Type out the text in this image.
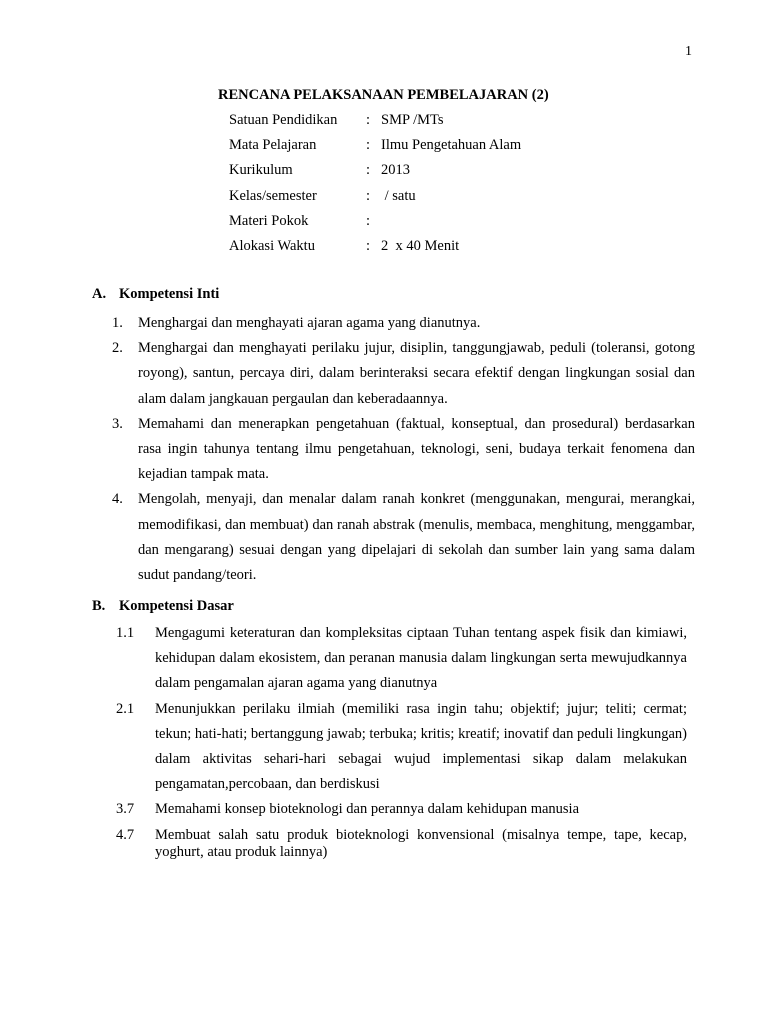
1
RENCANA PELAKSANAAN PEMBELAJARAN (2)
Satuan Pendidikan	: SMP /MTs
Mata Pelajaran	: Ilmu Pengetahuan Alam
Kurikulum	: 2013
Kelas/semester	: / satu
Materi Pokok	:
Alokasi Waktu	: 2  x 40 Menit
A. Kompetensi Inti
1.	Menghargai dan menghayati ajaran agama yang dianutnya.
2.	Menghargai dan menghayati perilaku jujur, disiplin, tanggungjawab, peduli (toleransi, gotong royong), santun, percaya diri, dalam berinteraksi secara efektif dengan lingkungan sosial dan alam dalam jangkauan pergaulan dan keberadaannya.
3.	Memahami dan menerapkan pengetahuan (faktual, konseptual, dan prosedural) berdasarkan rasa ingin tahunya tentang ilmu pengetahuan, teknologi, seni, budaya terkait fenomena dan kejadian tampak mata.
4.	Mengolah, menyaji, dan menalar dalam ranah konkret (menggunakan, mengurai, merangkai, memodifikasi, dan membuat) dan ranah abstrak (menulis, membaca, menghitung, menggambar, dan mengarang) sesuai dengan yang dipelajari di sekolah dan sumber lain yang sama dalam sudut pandang/teori.
B. Kompetensi Dasar
1.1	Mengagumi keteraturan dan kompleksitas ciptaan Tuhan tentang aspek fisik dan kimiawi, kehidupan dalam ekosistem, dan peranan manusia dalam lingkungan serta mewujudkannya dalam pengamalan ajaran agama yang dianutnya
2.1	Menunjukkan perilaku ilmiah (memiliki rasa ingin tahu; objektif; jujur; teliti; cermat; tekun; hati-hati; bertanggung jawab; terbuka; kritis; kreatif; inovatif dan peduli lingkungan) dalam aktivitas sehari-hari sebagai wujud implementasi sikap dalam melakukan pengamatan,percobaan, dan berdiskusi
3.7	Memahami konsep bioteknologi dan perannya dalam kehidupan manusia
4.7	Membuat salah satu produk bioteknologi konvensional (misalnya tempe, tape, kecap, yoghurt, atau produk lainnya)
